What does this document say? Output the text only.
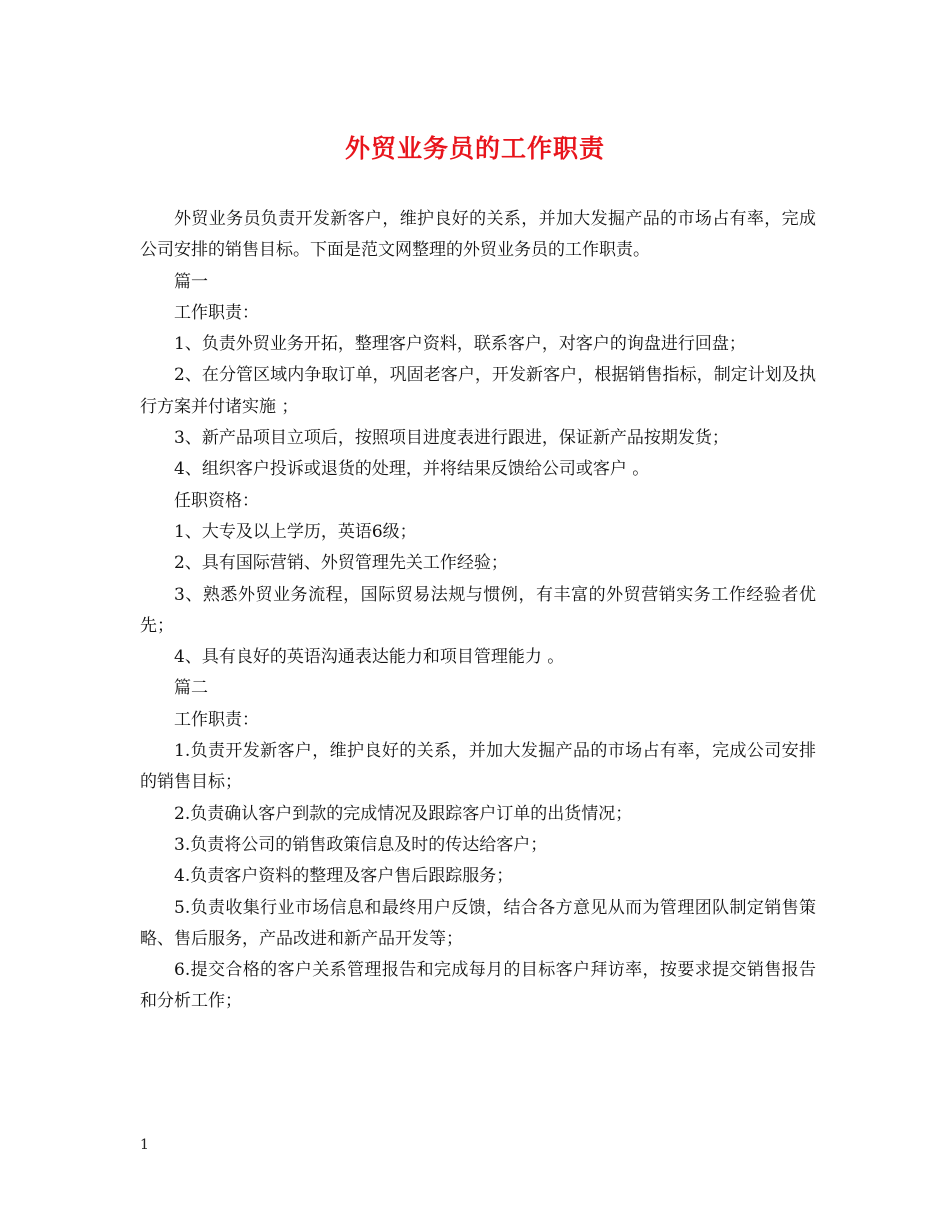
外贸业务员的工作职责

外贸业务员负责开发新客户，维护良好的关系，并加大发掘产品的市场占有率，完成公司安排的销售目标。下面是范文网整理的外贸业务员的工作职责。

篇一

工作职责：

1、负责外贸业务开拓，整理客户资料，联系客户，对客户的询盘进行回盘；

2、在分管区域内争取订单，巩固老客户，开发新客户，根据销售指标，制定计划及执行方案并付诸实施 ；

3、新产品项目立项后，按照项目进度表进行跟进，保证新产品按期发货；

4、组织客户投诉或退货的处理，并将结果反馈给公司或客户 。

任职资格：

1、大专及以上学历，英语6级；

2、具有国际营销、外贸管理先关工作经验；

3、熟悉外贸业务流程，国际贸易法规与惯例，有丰富的外贸营销实务工作经验者优先；

4、具有良好的英语沟通表达能力和项目管理能力 。

篇二

工作职责：

1.负责开发新客户，维护良好的关系，并加大发掘产品的市场占有率，完成公司安排的销售目标；

2.负责确认客户到款的完成情况及跟踪客户订单的出货情况；

3.负责将公司的销售政策信息及时的传达给客户；

4.负责客户资料的整理及客户售后跟踪服务；

5.负责收集行业市场信息和最终用户反馈，结合各方意见从而为管理团队制定销售策略、售后服务，产品改进和新产品开发等；

6.提交合格的客户关系管理报告和完成每月的目标客户拜访率，按要求提交销售报告和分析工作；

1
